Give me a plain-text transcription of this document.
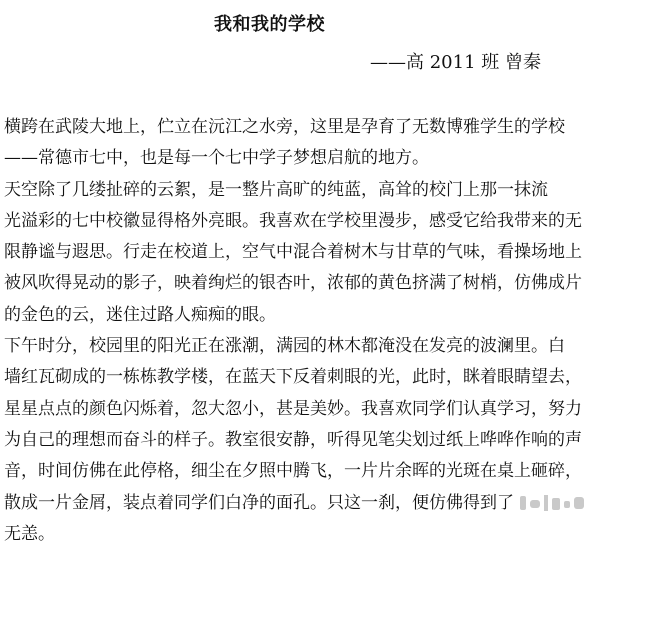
我和我的学校
——高 2011 班 曾秦
横跨在武陵大地上，伫立在沅江之水旁，这里是孕育了无数博雅学生的学校
——常德市七中，也是每一个七中学子梦想启航的地方。
天空除了几缕扯碎的云絮，是一整片高旷的纯蓝，高耸的校门上那一抹流
光溢彩的七中校徽显得格外亮眼。我喜欢在学校里漫步，感受它给我带来的无
限静谧与遐思。行走在校道上，空气中混合着树木与甘草的气味，看操场地上
被风吹得晃动的影子，映着绚烂的银杏叶，浓郁的黄色挤满了树梢，仿佛成片
的金色的云，迷住过路人痴痴的眼。
下午时分，校园里的阳光正在涨潮，满园的林木都淹没在发亮的波澜里。白
墙红瓦砌成的一栋栋教学楼，在蓝天下反着刺眼的光，此时，眯着眼睛望去，
星星点点的颜色闪烁着，忽大忽小，甚是美妙。我喜欢同学们认真学习，努力
为自己的理想而奋斗的样子。教室很安静，听得见笔尖划过纸上哗哗作响的声
音，时间仿佛在此停格，细尘在夕照中腾飞，一片片余晖的光斑在桌上砸碎，
散成一片金屑，装点着同学们白净的面孔。只这一刹，便仿佛得到了
无恙。
